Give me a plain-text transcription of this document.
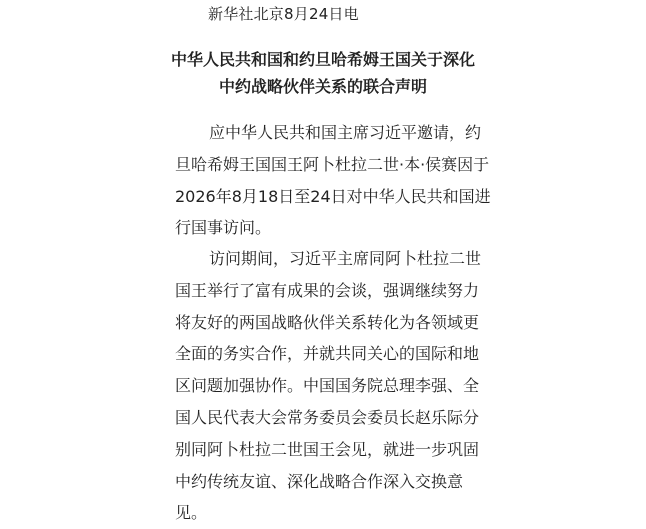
新华社北京8月24日电
中华人民共和国和约旦哈希姆王国关于深化
中约战略伙伴关系的联合声明

应中华人民共和国主席习近平邀请，约
旦哈希姆王国国王阿卜杜拉二世·本·侯赛因于
2026年8月18日至24日对中华人民共和国进
行国事访问。

访问期间，习近平主席同阿卜杜拉二世
国王举行了富有成果的会谈，强调继续努力
将友好的两国战略伙伴关系转化为各领域更
全面的务实合作，并就共同关心的国际和地
区问题加强协作。中国国务院总理李强、全
国人民代表大会常务委员会委员长赵乐际分
别同阿卜杜拉二世国王会见，就进一步巩固
中约传统友谊、深化战略合作深入交换意
见。
